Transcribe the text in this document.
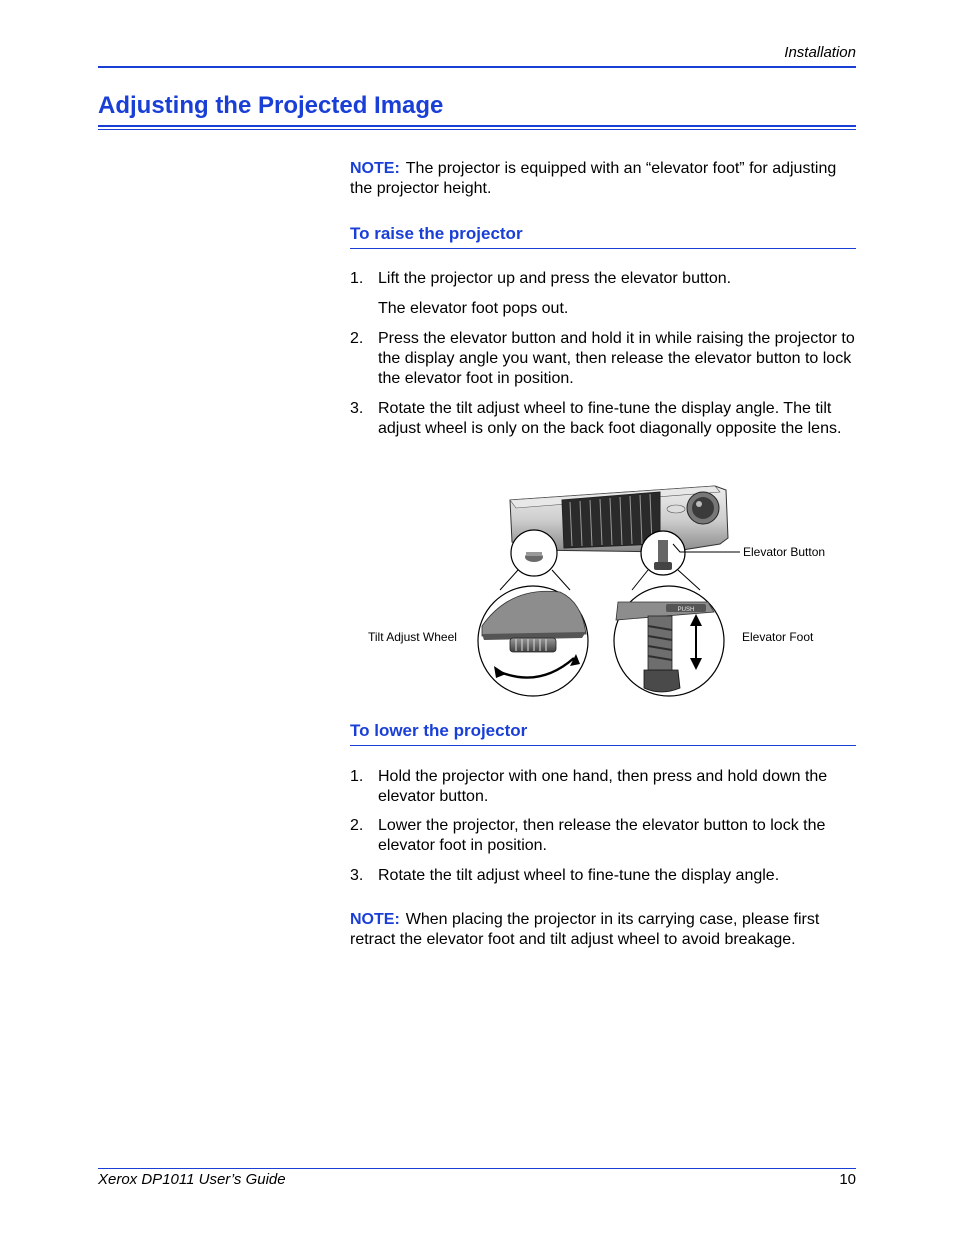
Installation
Adjusting the Projected Image

NOTE: The projector is equipped with an “elevator foot” for adjusting the projector height.

To raise the projector
1. Lift the projector up and press the elevator button.
The elevator foot pops out.
2. Press the elevator button and hold it in while raising the projector to the display angle you want, then release the elevator button to lock the elevator foot in position.
3. Rotate the tilt adjust wheel to fine-tune the display angle. The tilt adjust wheel is only on the back foot diagonally opposite the lens.
PUSH
Elevator Button
Tilt Adjust Wheel	Elevator Foot
To lower the projector
1. Hold the projector with one hand, then press and hold down the elevator button.
2. Lower the projector, then release the elevator button to lock the elevator foot in position.
3. Rotate the tilt adjust wheel to fine-tune the display angle.

NOTE: When placing the projector in its carrying case, please first retract the elevator foot and tilt adjust wheel to avoid breakage.

Xerox DP1011 User’s Guide	10
